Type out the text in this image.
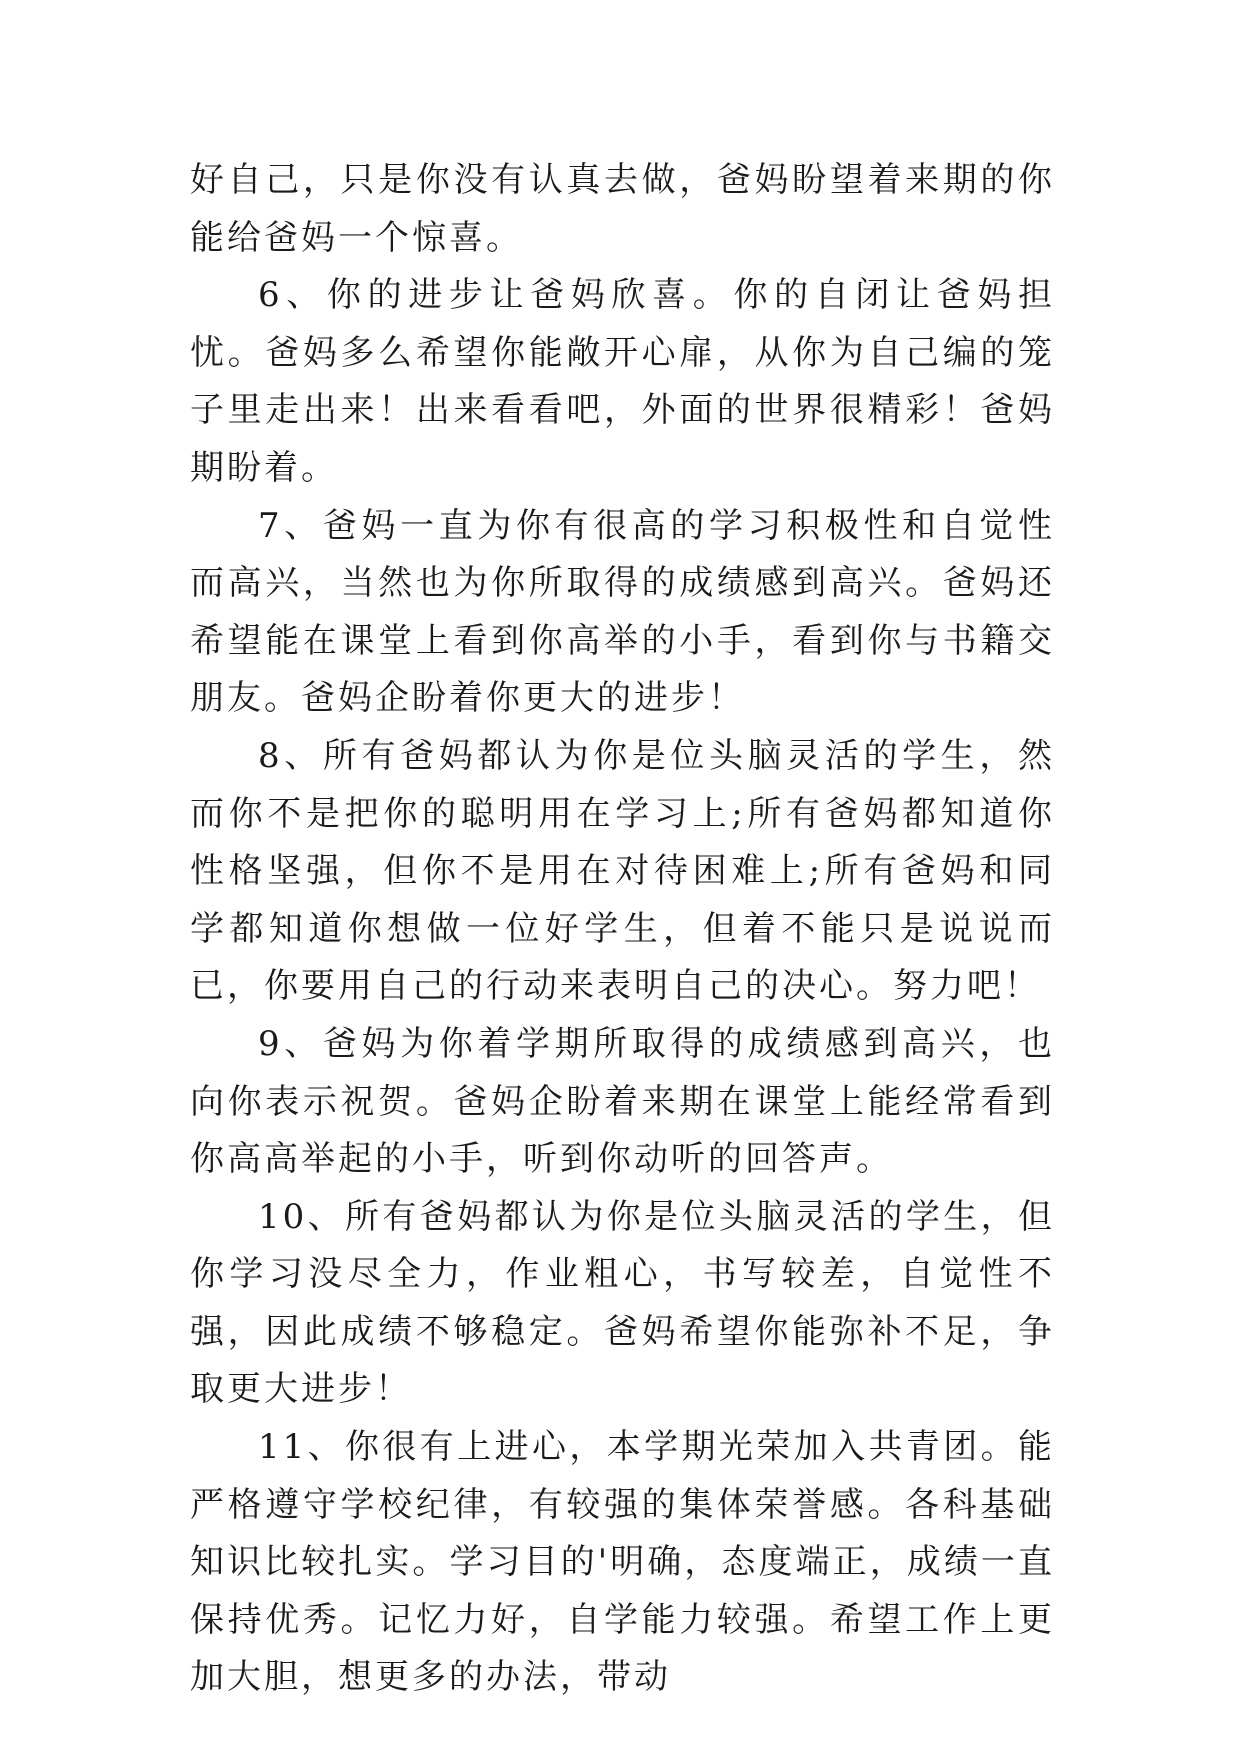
好自己，只是你没有认真去做，爸妈盼望着来期的你能给爸妈一个惊喜。

6、你的进步让爸妈欣喜。你的自闭让爸妈担忧。爸妈多么希望你能敞开心扉，从你为自己编的笼子里走出来！出来看看吧，外面的世界很精彩！爸妈期盼着。

7、爸妈一直为你有很高的学习积极性和自觉性而高兴，当然也为你所取得的成绩感到高兴。爸妈还希望能在课堂上看到你高举的小手，看到你与书籍交朋友。爸妈企盼着你更大的进步！

8、所有爸妈都认为你是位头脑灵活的学生，然而你不是把你的聪明用在学习上;所有爸妈都知道你性格坚强，但你不是用在对待困难上;所有爸妈和同学都知道你想做一位好学生，但着不能只是说说而已，你要用自己的行动来表明自己的决心。努力吧！

9、爸妈为你着学期所取得的成绩感到高兴，也向你表示祝贺。爸妈企盼着来期在课堂上能经常看到你高高举起的小手，听到你动听的回答声。

10、所有爸妈都认为你是位头脑灵活的学生，但你学习没尽全力，作业粗心，书写较差，自觉性不强，因此成绩不够稳定。爸妈希望你能弥补不足，争取更大进步！

11、你很有上进心，本学期光荣加入共青团。能严格遵守学校纪律，有较强的集体荣誉感。各科基础知识比较扎实。学习目的'明确，态度端正，成绩一直保持优秀。记忆力好，自学能力较强。希望工作上更加大胆，想更多的办法，带动
